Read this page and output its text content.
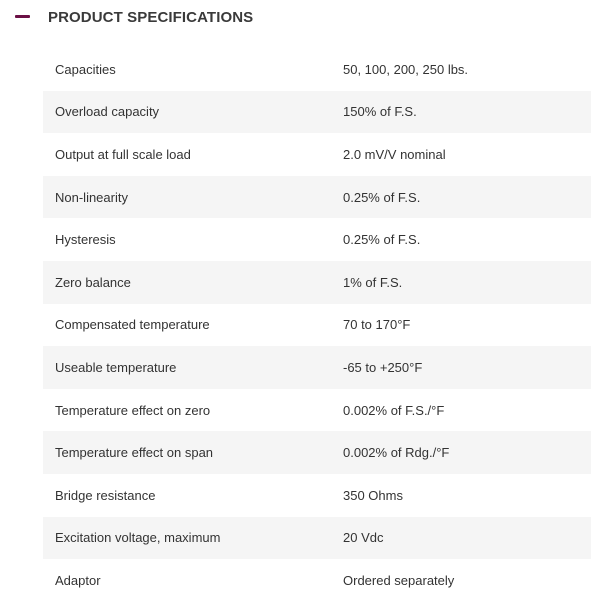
PRODUCT SPECIFICATIONS
Capacities	50, 100, 200, 250 lbs.
Overload capacity	150% of F.S.
Output at full scale load	2.0 mV/V nominal
Non-linearity	0.25% of F.S.
Hysteresis	0.25% of F.S.
Zero balance	1% of F.S.
Compensated temperature	70 to 170°F
Useable temperature	-65 to +250°F
Temperature effect on zero	0.002% of F.S./°F
Temperature effect on span	0.002% of Rdg./°F
Bridge resistance	350 Ohms
Excitation voltage, maximum	20 Vdc
Adaptor	Ordered separately
